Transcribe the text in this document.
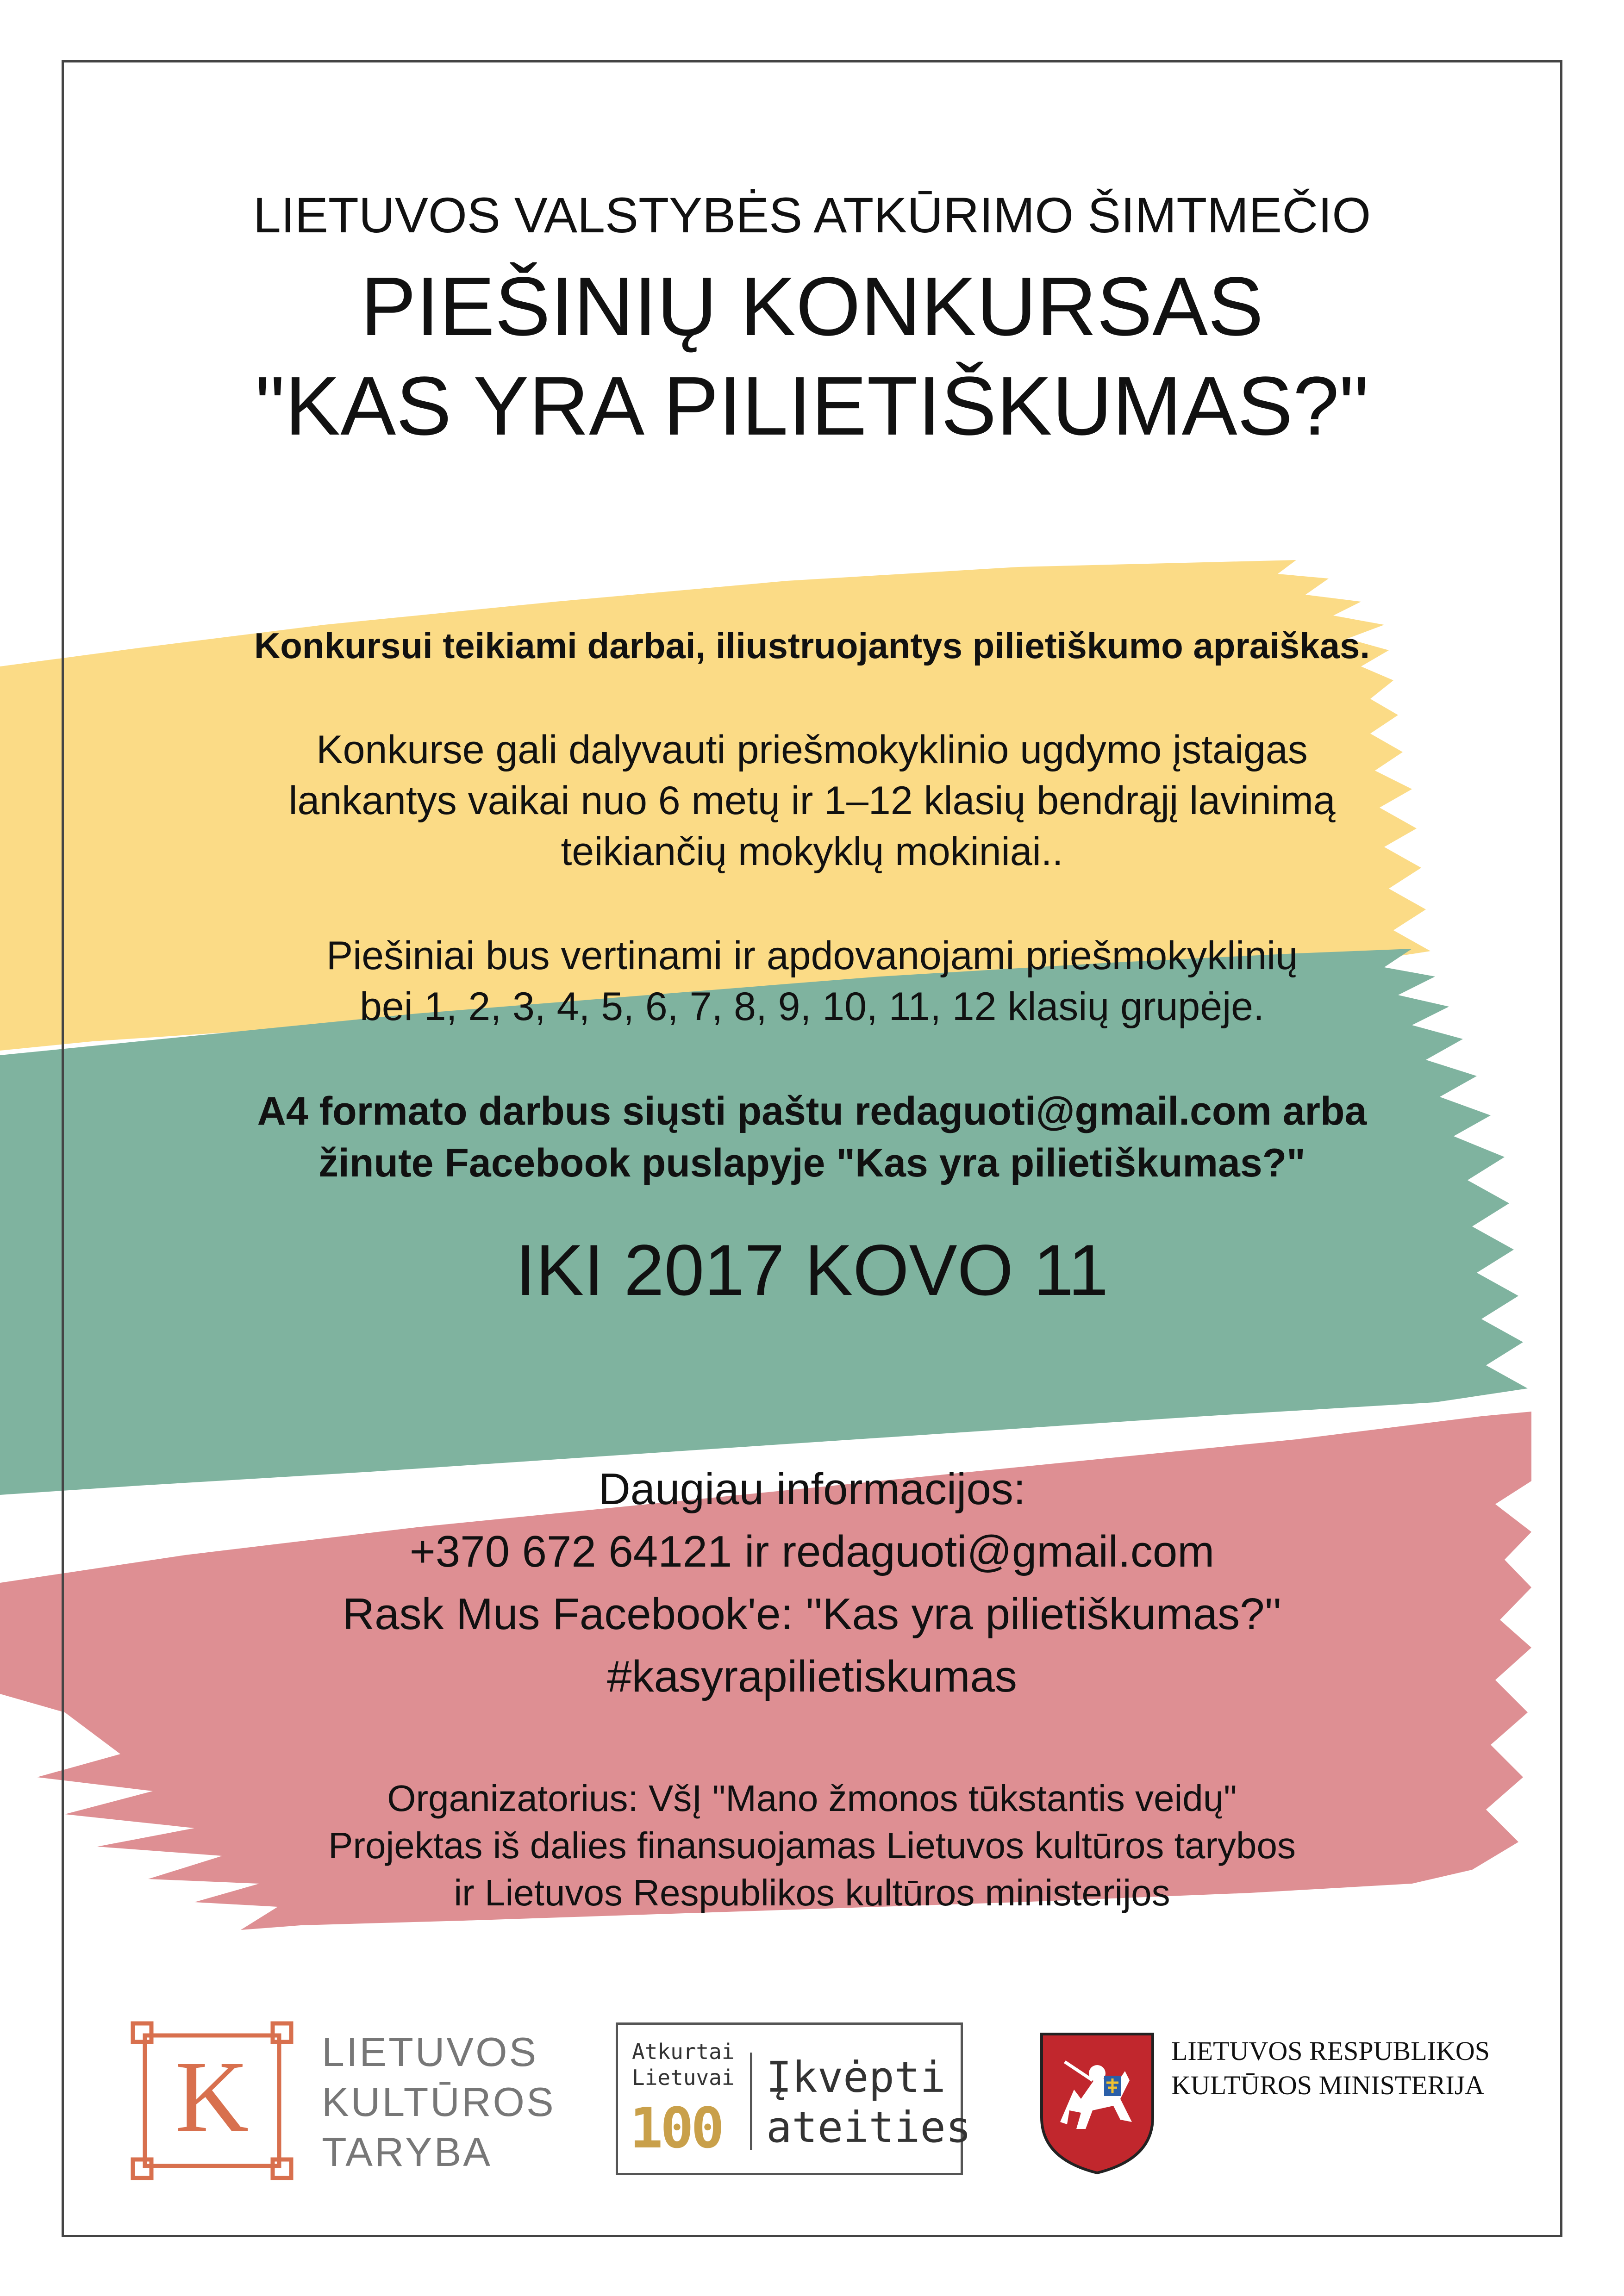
LIETUVOS VALSTYBĖS ATKŪRIMO ŠIMTMEČIO
PIEŠINIŲ KONKURSAS
"KAS YRA PILIETIŠKUMAS?"
Konkursui teikiami darbai, iliustruojantys pilietiškumo apraiškas.
Konkurse gali dalyvauti priešmokyklinio ugdymo įstaigas
lankantys vaikai nuo 6 metų ir 1–12 klasių bendrąjį lavinimą
teikiančių mokyklų mokiniai..
Piešiniai bus vertinami ir apdovanojami priešmokyklinių
bei 1, 2, 3, 4, 5, 6, 7, 8, 9, 10, 11, 12 klasių grupėje.
A4 formato darbus siųsti paštu redaguoti@gmail.com arba
žinute Facebook puslapyje "Kas yra pilietiškumas?"
IKI 2017 KOVO 11
Daugiau informacijos:
+370 672 64121 ir redaguoti@gmail.com
Rask Mus Facebook'e: ''Kas yra pilietiškumas?''
#kasyrapilietiskumas
Organizatorius: VšĮ "Mano žmonos tūkstantis veidų"
Projektas iš dalies finansuojamas Lietuvos kultūros tarybos
ir Lietuvos Respublikos kultūros ministerijos
K	LIETUVOS
KULTŪROS
TARYBA
Atkurtai
Lietuvai
100
Įkvėpti
ateities
LIETUVOS RESPUBLIKOS
KULTŪROS MINISTERIJA
